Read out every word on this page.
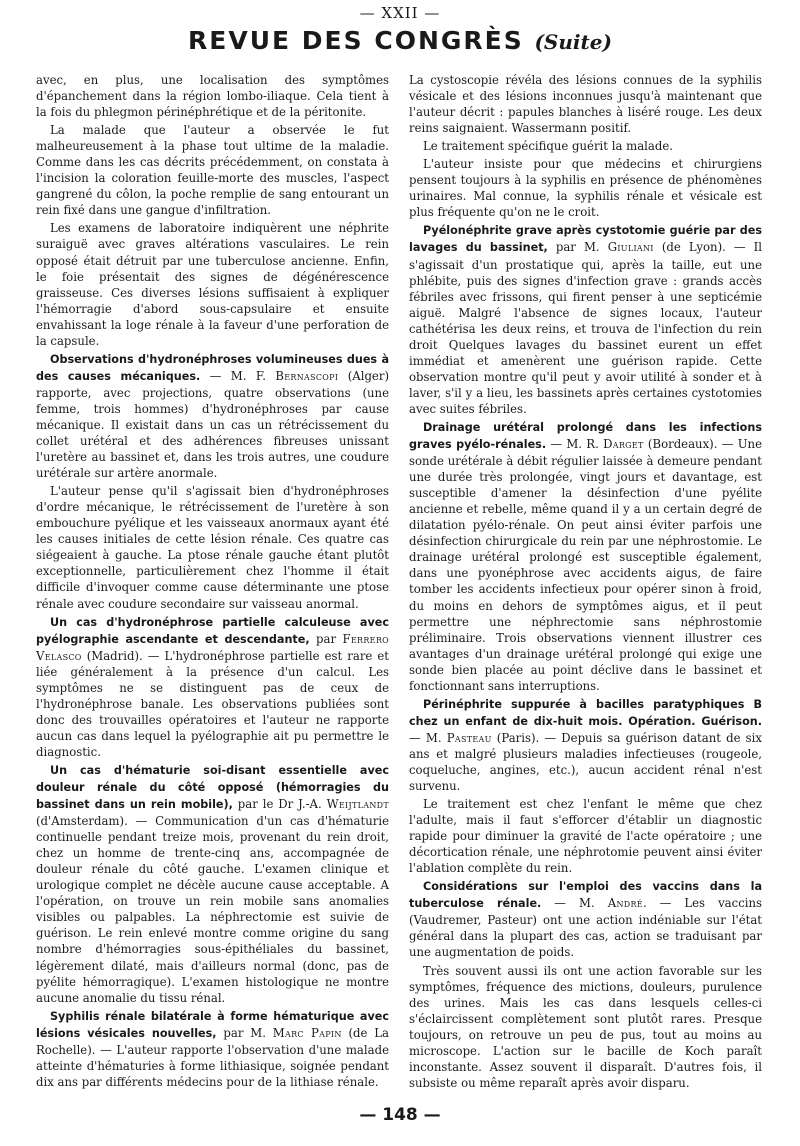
— XXII —
REVUE DES CONGRÈS (Suite)

avec, en plus, une localisation des symptômes d'épanchement dans la région lombo-iliaque. Cela tient à la fois du phlegmon périnéphrétique et de la péritonite.

La malade que l'auteur a observée le fut malheureusement à la phase tout ultime de la maladie. Comme dans les cas décrits précédemment, on constata à l'incision la coloration feuille-morte des muscles, l'aspect gangrené du côlon, la poche remplie de sang entourant un rein fixé dans une gangue d'infiltration.

Les examens de laboratoire indiquèrent une néphrite suraiguë avec graves altérations vasculaires. Le rein opposé était détruit par une tuberculose ancienne. Enfin, le foie présentait des signes de dégénérescence graisseuse. Ces diverses lésions suffisaient à expliquer l'hémorragie d'abord sous-capsulaire et ensuite envahissant la loge rénale à la faveur d'une perforation de la capsule.

Observations d'hydronéphroses volumineuses dues à des causes mécaniques. — M. F. Bernascopi (Alger) rapporte, avec projections, quatre observations (une femme, trois hommes) d'hydronéphroses par cause mécanique. Il existait dans un cas un rétrécissement du collet urétéral et des adhérences fibreuses unissant l'uretère au bassinet et, dans les trois autres, une coudure urétérale sur artère anormale.

L'auteur pense qu'il s'agissait bien d'hydronéphroses d'ordre mécanique, le rétrécissement de l'uretère à son embouchure pyélique et les vaisseaux anormaux ayant été les causes initiales de cette lésion rénale. Ces quatre cas siégeaient à gauche. La ptose rénale gauche étant plutôt exceptionnelle, particulièrement chez l'homme il était difficile d'invoquer comme cause déterminante une ptose rénale avec coudure secondaire sur vaisseau anormal.

Un cas d'hydronéphrose partielle calculeuse avec pyélographie ascendante et descendante, par Ferrero Velasco (Madrid). — L'hydronéphrose partielle est rare et liée généralement à la présence d'un calcul. Les symptômes ne se distinguent pas de ceux de l'hydronéphrose banale. Les observations publiées sont donc des trouvailles opératoires et l'auteur ne rapporte aucun cas dans lequel la pyélographie ait pu permettre le diagnostic.

Un cas d'hématurie soi-disant essentielle avec douleur rénale du côté opposé (hémorragies du bassinet dans un rein mobile), par le Dr J.-A. Weijtlandt (d'Amsterdam). — Communication d'un cas d'hématurie continuelle pendant treize mois, provenant du rein droit, chez un homme de trente-cinq ans, accompagnée de douleur rénale du côté gauche. L'examen clinique et urologique complet ne décèle aucune cause acceptable. A l'opération, on trouve un rein mobile sans anomalies visibles ou palpables. La néphrectomie est suivie de guérison. Le rein enlevé montre comme origine du sang nombre d'hémorragies sous-épithéliales du bassinet, légèrement dilaté, mais d'ailleurs normal (donc, pas de pyélite hémorragique). L'examen histologique ne montre aucune anomalie du tissu rénal.

Syphilis rénale bilatérale à forme hématurique avec lésions vésicales nouvelles, par M. Marc Papin (de La Rochelle). — L'auteur rapporte l'observation d'une malade atteinte d'hématuries à forme lithiasique, soignée pendant dix ans par différents médecins pour de la lithiase rénale.

La cystoscopie révéla des lésions connues de la syphilis vésicale et des lésions inconnues jusqu'à maintenant que l'auteur décrit : papules blanches à liséré rouge. Les deux reins saignaient. Wassermann positif.

Le traitement spécifique guérit la malade.

L'auteur insiste pour que médecins et chirurgiens pensent toujours à la syphilis en présence de phénomènes urinaires. Mal connue, la syphilis rénale et vésicale est plus fréquente qu'on ne le croit.

Pyélonéphrite grave après cystotomie guérie par des lavages du bassinet, par M. Giuliani (de Lyon). — Il s'agissait d'un prostatique qui, après la taille, eut une phlébite, puis des signes d'infection grave : grands accès fébriles avec frissons, qui firent penser à une septicémie aiguë. Malgré l'absence de signes locaux, l'auteur cathétérisa les deux reins, et trouva de l'infection du rein droit Quelques lavages du bassinet eurent un effet immédiat et amenèrent une guérison rapide. Cette observation montre qu'il peut y avoir utilité à sonder et à laver, s'il y a lieu, les bassinets après certaines cystotomies avec suites fébriles.

Drainage urétéral prolongé dans les infections graves pyélo-rénales. — M. R. Darget (Bordeaux). — Une sonde urétérale à débit régulier laissée à demeure pendant une durée très prolongée, vingt jours et davantage, est susceptible d'amener la désinfection d'une pyélite ancienne et rebelle, même quand il y a un certain degré de dilatation pyélo-rénale. On peut ainsi éviter parfois une désinfection chirurgicale du rein par une néphrostomie. Le drainage urétéral prolongé est susceptible également, dans une pyonéphrose avec accidents aigus, de faire tomber les accidents infectieux pour opérer sinon à froid, du moins en dehors de symptômes aigus, et il peut permettre une néphrectomie sans néphrostomie préliminaire. Trois observations viennent illustrer ces avantages d'un drainage urétéral prolongé qui exige une sonde bien placée au point déclive dans le bassinet et fonctionnant sans interruptions.

Périnéphrite suppurée à bacilles paratyphiques B chez un enfant de dix-huit mois. Opération. Guérison. — M. Pasteau (Paris). — Depuis sa guérison datant de six ans et malgré plusieurs maladies infectieuses (rougeole, coqueluche, angines, etc.), aucun accident rénal n'est survenu.

Le traitement est chez l'enfant le même que chez l'adulte, mais il faut s'efforcer d'établir un diagnostic rapide pour diminuer la gravité de l'acte opératoire ; une décortication rénale, une néphrotomie peuvent ainsi éviter l'ablation complète du rein.

Considérations sur l'emploi des vaccins dans la tuberculose rénale. — M. André. — Les vaccins (Vaudremer, Pasteur) ont une action indéniable sur l'état général dans la plupart des cas, action se traduisant par une augmentation de poids.

Très souvent aussi ils ont une action favorable sur les symptômes, fréquence des mictions, douleurs, purulence des urines. Mais les cas dans lesquels celles-ci s'éclaircissent complètement sont plutôt rares. Presque toujours, on retrouve un peu de pus, tout au moins au microscope. L'action sur le bacille de Koch paraît inconstante. Assez souvent il disparaît. D'autres fois, il subsiste ou même reparaît après avoir disparu.

— 148 —
